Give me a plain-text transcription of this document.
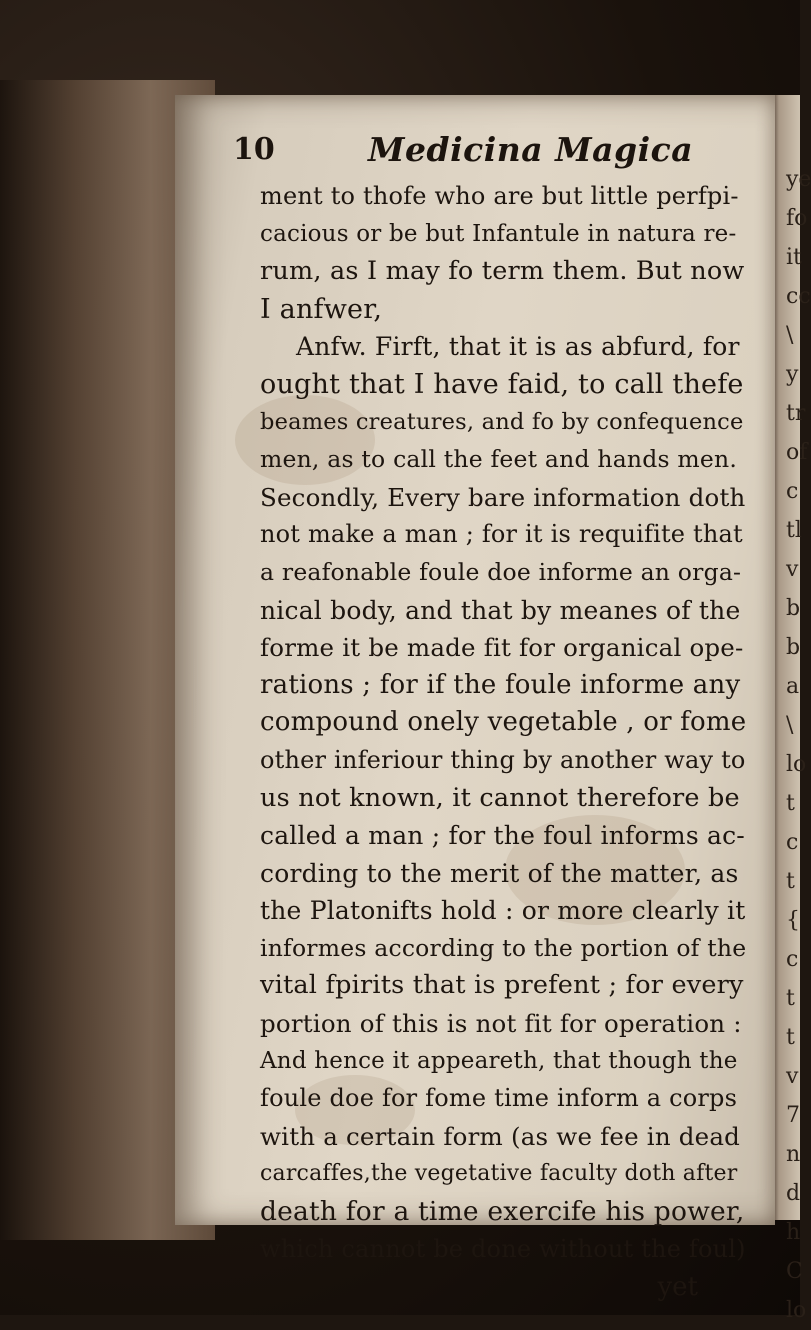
ye
fo
it
cc
\
y
tr
of
c
tl
v
b
b
a
\
lo
t
c
t
{
c
t
t
v
7
n
d
h
C
lo
10	Medicina Magica
ment to thofe who are but little perfpi-
cacious or be but Infantule in natura re-
rum, as I may fo term them. But now
I anfwer,
Anfw. Firft, that it is as abfurd, for
ought that I have faid, to call thefe
beames creatures, and fo by confequence
men, as to call the feet and hands men.
Secondly, Every bare information doth
not make a man ; for it is requifite that
a reafonable foule doe informe an orga-
nical body, and that by meanes of the
forme it be made fit for organical ope-
rations ; for if the foule informe any
compound onely vegetable , or fome
other inferiour thing by another way to
us not known, it cannot therefore be
called a man ; for the foul informs ac-
cording to the merit of the matter, as
the Platonifts hold : or more clearly it
informes according to the portion of the
vital fpirits that is prefent ; for every
portion of this is not fit for operation :
And hence it appeareth, that though the
foule doe for fome time inform a corps
with a certain form (as we fee in dead
carcaffes,the vegetative faculty doth after
death for a time exercife his power,
which cannot be done without the foul)
yet
